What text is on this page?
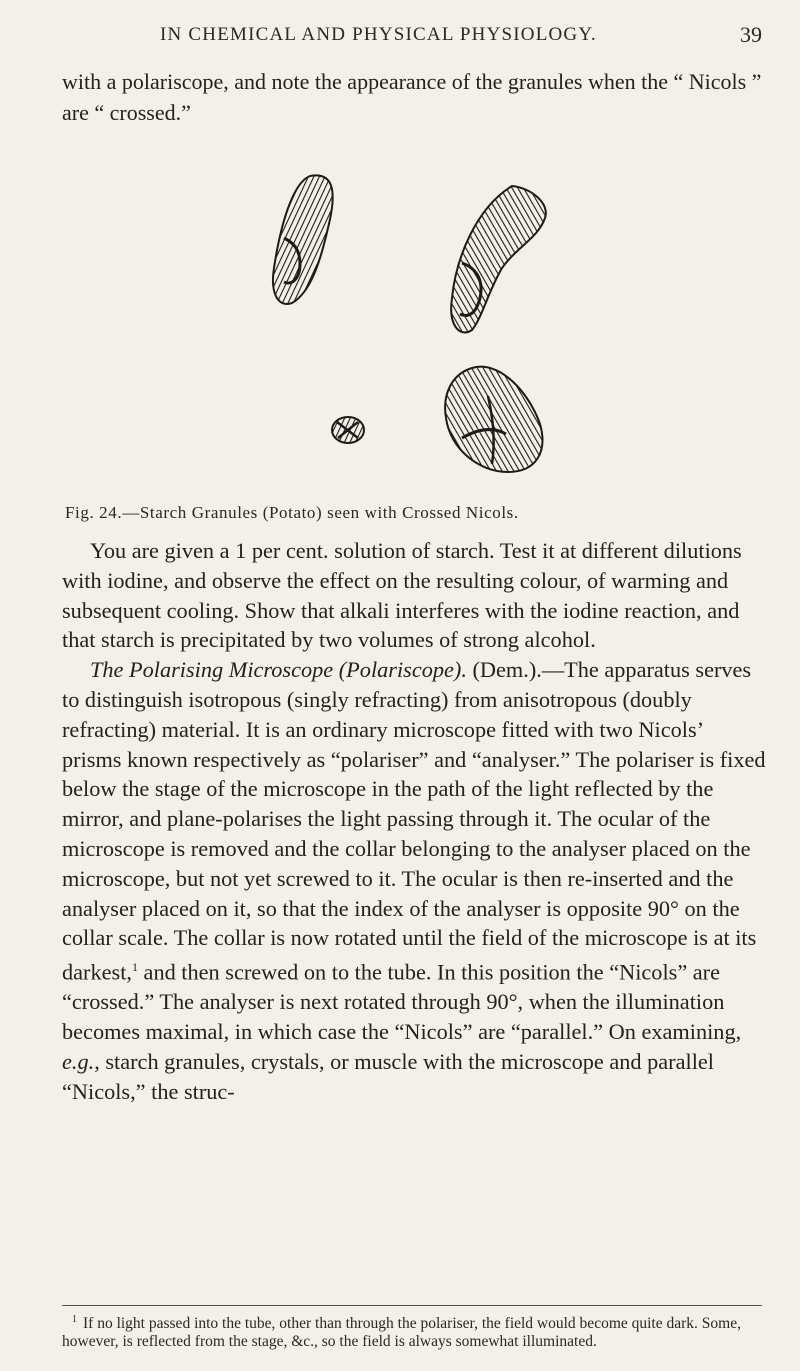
IN CHEMICAL AND PHYSICAL PHYSIOLOGY.	39
with a polariscope, and note the appearance of the granules when the “ Nicols ” are “ crossed.”
Fig. 24.—Starch Granules (Potato) seen with Crossed Nicols.

You are given a 1 per cent. solution of starch. Test it at different dilutions with iodine, and observe the effect on the resulting colour, of warming and subsequent cooling. Show that alkali interferes with the iodine reaction, and that starch is precipitated by two volumes of strong alcohol.

The Polarising Microscope (Polariscope). (Dem.).—The apparatus serves to distinguish isotropous (singly refracting) from anisotropous (doubly refracting) material. It is an ordinary microscope fitted with two Nicols’ prisms known respectively as “polariser” and “analyser.” The polariser is fixed below the stage of the microscope in the path of the light reflected by the mirror, and plane-polarises the light passing through it. The ocular of the microscope is removed and the collar belonging to the analyser placed on the microscope, but not yet screwed to it. The ocular is then re-inserted and the analyser placed on it, so that the index of the analyser is opposite 90° on the collar scale. The collar is now rotated until the field of the microscope is at its darkest,$^1$ and then screwed on to the tube. In this position the “Nicols” are “crossed.” The analyser is next rotated through 90°, when the illumination becomes maximal, in which case the “Nicols” are “parallel.” On examining, e.g., starch granules, crystals, or muscle with the microscope and parallel “Nicols,” the struc-

$^1$ If no light passed into the tube, other than through the polariser, the field would become quite dark. Some, however, is reflected from the stage, &c., so the field is always somewhat illuminated.
